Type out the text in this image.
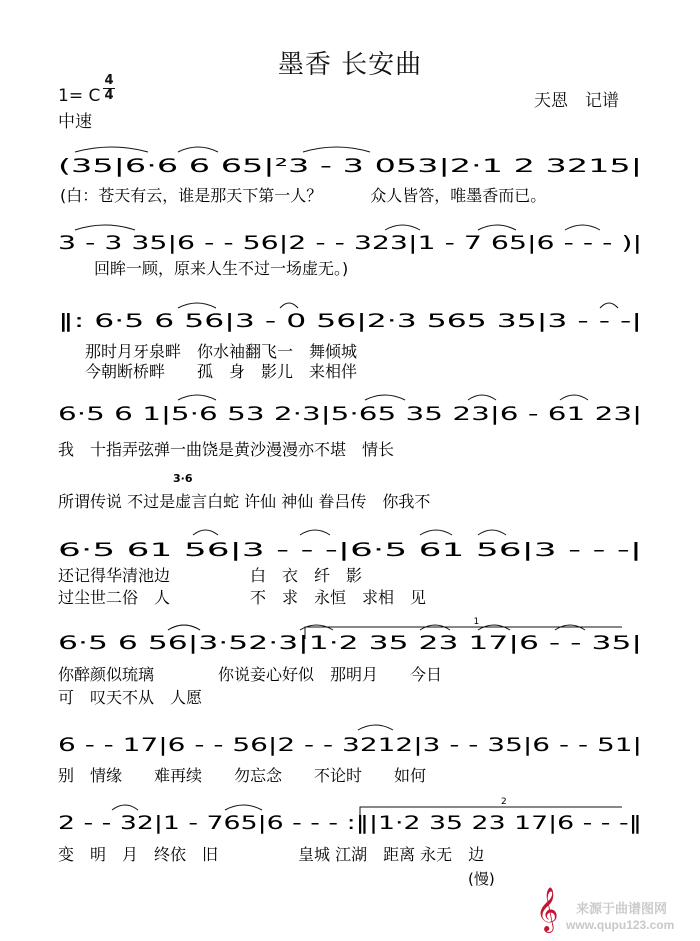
墨香 长安曲
1= C
4
4
中速
天恩　记谱
(35|6·6 6 65|²3 - 3 053|2·1 2 3215|
(白：苍天有云，谁是那天下第一人？　　　众人皆答，唯墨香而已。
3 - 3 35|6 - - 56|2 - - 323|1 - 7 65|6 - - - )|
回眸一顾，原来人生不过一场虚无。)
‖: 6·5 6 56|3 - 0 56|2·3 565 35|3 - - -|
那时月牙泉畔　你水袖翻飞一　舞倾城
今朝断桥畔　　孤　身　影儿　来相伴
6·5 6 1|5·6 53 2·3|5·65 35 23|6 - 61 23|
我　十指弄弦弹一曲饶是黄沙漫漫亦不堪　情长
所谓传说 不过是虚言白蛇 许仙 神仙 眷吕传　你我不
3·6
6·5 61 56|3 - - -|6·5 61 56|3 - - -|
还记得华清池边　　　　　白　衣　纤　影
过尘世二俗　人　　　　　不　求　永恒　求相　见
6·5 6 56|3·52·3|1·2 35 23 17|6 - - 35|
你醉颜似琉璃　　　　你说妾心好似　那明月　　今日
可　叹天不从　人愿
1
6 - - 17|6 - - 56|2 - - 3212|3 - - 35|6 - - 51|
别　情缘　　难再续　　勿忘念　　不论时　　如何
2 - - 32|1 - 765|6 - - - :‖|1·2 35 23 17|6 - - -‖
变　明　月　终依　旧　　　　　皇城 江湖　距离 永无　边
2
(慢)
𝄞 来源于曲谱图网
www.qupu123.com
